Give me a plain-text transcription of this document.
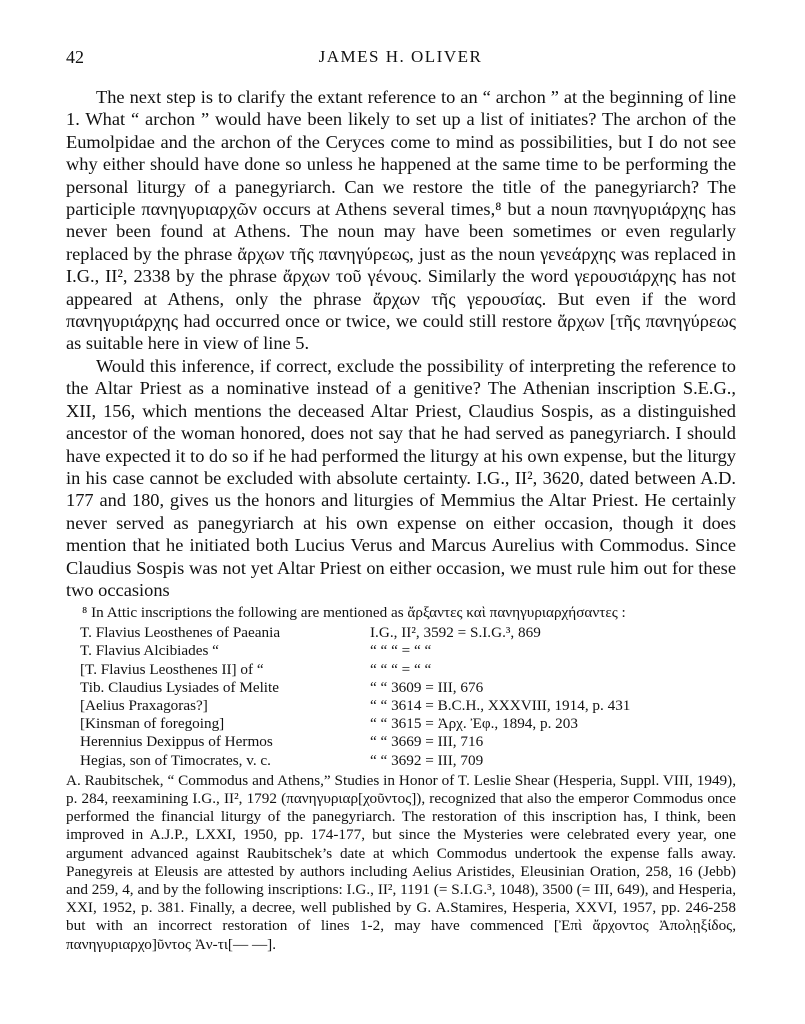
42	JAMES H. OLIVER

The next step is to clarify the extant reference to an “ archon ” at the beginning of line 1. What “ archon ” would have been likely to set up a list of initiates? The archon of the Eumolpidae and the archon of the Ceryces come to mind as possibilities, but I do not see why either should have done so unless he happened at the same time to be performing the personal liturgy of a panegyriarch. Can we restore the title of the panegyriarch? The participle πανηγυριαρχῶν occurs at Athens several times,⁸ but a noun πανηγυριάρχης has never been found at Athens. The noun may have been sometimes or even regularly replaced by the phrase ἄρχων τῆς πανηγύρεως, just as the noun γενεάρχης was replaced in I.G., II², 2338 by the phrase ἄρχων τοῦ γένους. Similarly the word γερουσιάρχης has not appeared at Athens, only the phrase ἄρχων τῆς γερουσίας. But even if the word πανηγυριάρχης had occurred once or twice, we could still restore ἄρχων [τῆς πανηγύρεως as suitable here in view of line 5.

Would this inference, if correct, exclude the possibility of interpreting the reference to the Altar Priest as a nominative instead of a genitive? The Athenian inscription S.E.G., XII, 156, which mentions the deceased Altar Priest, Claudius Sospis, as a distinguished ancestor of the woman honored, does not say that he had served as panegyriarch. I should have expected it to do so if he had performed the liturgy at his own expense, but the liturgy in his case cannot be excluded with absolute certainty. I.G., II², 3620, dated between A.D. 177 and 180, gives us the honors and liturgies of Memmius the Altar Priest. He certainly never served as panegyriarch at his own expense on either occasion, though it does mention that he initiated both Lucius Verus and Marcus Aurelius with Commodus. Since Claudius Sospis was not yet Altar Priest on either occasion, we must rule him out for these two occasions

⁸ In Attic inscriptions the following are mentioned as ἄρξαντες καὶ πανηγυριαρχήσαντες :

T. Flavius Leosthenes of Paeania	I.G., II², 3592 = S.I.G.³, 869
T. Flavius Alcibiades “	“ “ “ = “ “
[T. Flavius Leosthenes II] of “	“ “ “ = “ “
Tib. Claudius Lysiades of Melite	“ “ 3609 = III, 676
[Aelius Praxagoras?]	“ “ 3614 = B.C.H., XXXVIII, 1914, p. 431
[Kinsman of foregoing]	“ “ 3615 = Ἀρχ. Ἐφ., 1894, p. 203
Herennius Dexippus of Hermos	“ “ 3669 = III, 716
Hegias, son of Timocrates, v. c.	“ “ 3692 = III, 709

A. Raubitschek, “ Commodus and Athens,” Studies in Honor of T. Leslie Shear (Hesperia, Suppl. VIII, 1949), p. 284, reexamining I.G., II², 1792 (πανηγυριαρ[χοῦντος]), recognized that also the emperor Commodus once performed the financial liturgy of the panegyriarch. The restoration of this inscription has, I think, been improved in A.J.P., LXXI, 1950, pp. 174-177, but since the Mysteries were celebrated every year, one argument advanced against Raubitschek’s date at which Commodus undertook the expense falls away. Panegyreis at Eleusis are attested by authors including Aelius Aristides, Eleusinian Oration, 258, 16 (Jebb) and 259, 4, and by the following inscriptions: I.G., II², 1191 (= S.I.G.³, 1048), 3500 (= III, 649), and Hesperia, XXI, 1952, p. 381. Finally, a decree, well published by G. A.Stamires, Hesperia, XXVI, 1957, pp. 246-258 but with an incorrect restoration of lines 1-2, may have commenced [Ἐπὶ ἄρχοντος Ἀπολῃξίδος, πανηγυριαρχο]ῦντος Ἀν-τι[— —].
